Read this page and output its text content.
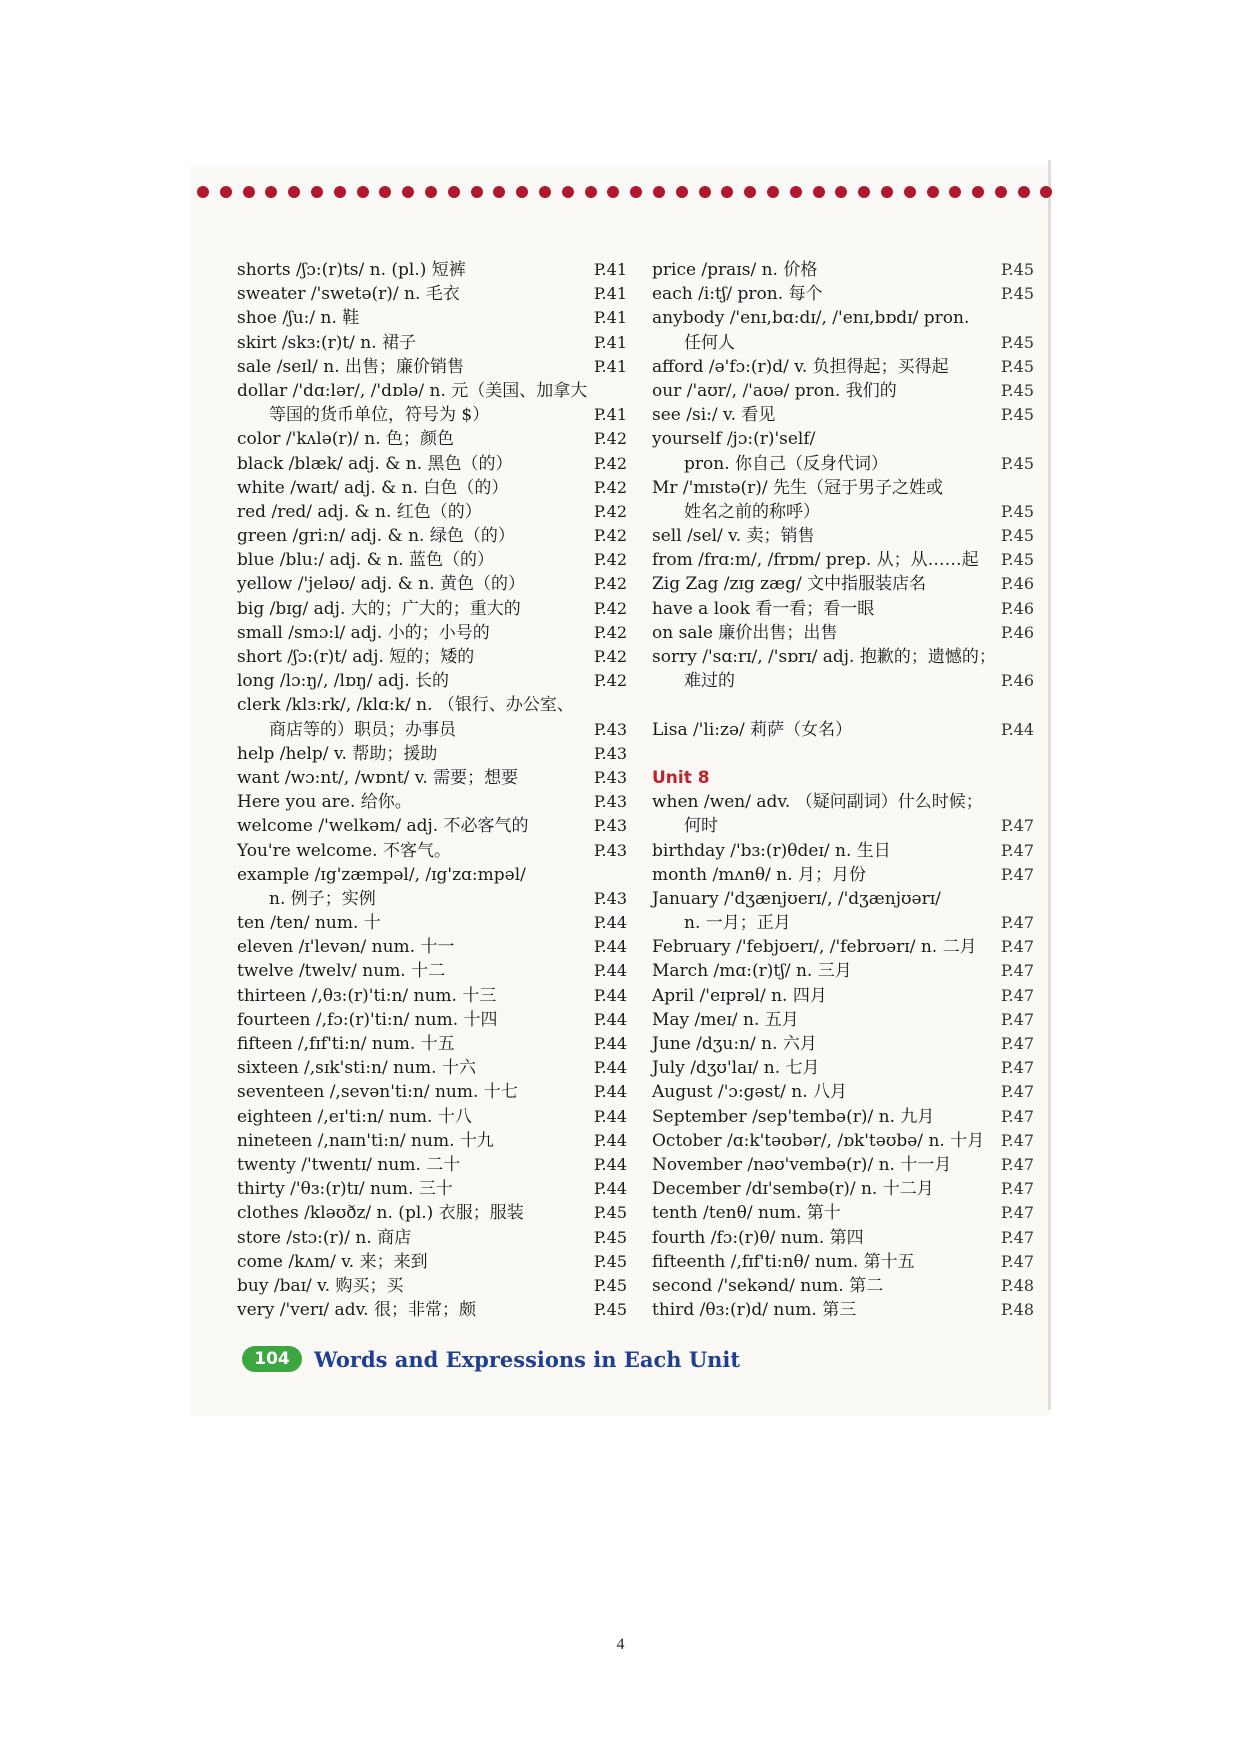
shorts /ʃɔ:(r)ts/ n. (pl.) 短裤	P.41
sweater /'swetə(r)/ n. 毛衣	P.41
shoe /ʃu:/ n. 鞋	P.41
skirt /skɜ:(r)t/ n. 裙子	P.41
sale /seɪl/ n. 出售；廉价销售	P.41
dollar /'dɑ:lər/, /'dɒlə/ n. 元（美国、加拿大
等国的货币单位，符号为 $）	P.41
color /'kʌlə(r)/ n. 色；颜色	P.42
black /blæk/ adj. & n. 黑色（的）	P.42
white /waɪt/ adj. & n. 白色（的）	P.42
red /red/ adj. & n. 红色（的）	P.42
green /gri:n/ adj. & n. 绿色（的）	P.42
blue /blu:/ adj. & n. 蓝色（的）	P.42
yellow /'jeləʊ/ adj. & n. 黄色（的）	P.42
big /bɪg/ adj. 大的；广大的；重大的	P.42
small /smɔ:l/ adj. 小的；小号的	P.42
short /ʃɔ:(r)t/ adj. 短的；矮的	P.42
long /lɔ:ŋ/, /lɒŋ/ adj. 长的	P.42
clerk /klɜ:rk/, /klɑ:k/ n. （银行、办公室、
商店等的）职员；办事员	P.43
help /help/ v. 帮助；援助	P.43
want /wɔ:nt/, /wɒnt/ v. 需要；想要	P.43
Here you are. 给你。	P.43
welcome /'welkəm/ adj. 不必客气的	P.43
You're welcome. 不客气。	P.43
example /ɪg'zæmpəl/, /ɪg'zɑ:mpəl/
n. 例子；实例	P.43
ten /ten/ num. 十	P.44
eleven /ɪ'levən/ num. 十一	P.44
twelve /twelv/ num. 十二	P.44
thirteen /,θɜ:(r)'ti:n/ num. 十三	P.44
fourteen /,fɔ:(r)'ti:n/ num. 十四	P.44
fifteen /,fɪf'ti:n/ num. 十五	P.44
sixteen /,sɪk'sti:n/ num. 十六	P.44
seventeen /,sevən'ti:n/ num. 十七	P.44
eighteen /,eɪ'ti:n/ num. 十八	P.44
nineteen /,naɪn'ti:n/ num. 十九	P.44
twenty /'twentɪ/ num. 二十	P.44
thirty /'θɜ:(r)tɪ/ num. 三十	P.44
clothes /kləʊðz/ n. (pl.) 衣服；服装	P.45
store /stɔ:(r)/ n. 商店	P.45
come /kʌm/ v. 来；来到	P.45
buy /baɪ/ v. 购买；买	P.45
very /'verɪ/ adv. 很；非常；颇	P.45
price /praɪs/ n. 价格	P.45
each /i:tʃ/ pron. 每个	P.45
anybody /'enɪ,bɑ:dɪ/, /'enɪ,bɒdɪ/ pron.
任何人	P.45
afford /ə'fɔ:(r)d/ v. 负担得起；买得起	P.45
our /'aʊr/, /'aʊə/ pron. 我们的	P.45
see /si:/ v. 看见	P.45
yourself /jɔ:(r)'self/
pron. 你自己（反身代词）	P.45
Mr /'mɪstə(r)/ 先生（冠于男子之姓或
姓名之前的称呼）	P.45
sell /sel/ v. 卖；销售	P.45
from /frɑ:m/, /frɒm/ prep. 从；从……起 P.45
Zig Zag /zɪg zæg/ 文中指服装店名	P.46
have a look 看一看；看一眼	P.46
on sale 廉价出售；出售	P.46
sorry /'sɑ:rɪ/, /'sɒrɪ/ adj. 抱歉的；遗憾的；
难过的	P.46
Lisa /'li:zə/ 莉萨（女名）	P.44
Unit 8
when /wen/ adv. （疑问副词）什么时候；
何时	P.47
birthday /'bɜ:(r)θdeɪ/ n. 生日	P.47
month /mʌnθ/ n. 月；月份	P.47
January /'dʒænjʊerɪ/, /'dʒænjʊərɪ/
n. 一月；正月	P.47
February /'febjʊerɪ/, /'febrʊərɪ/ n. 二月 P.47
March /mɑ:(r)tʃ/ n. 三月	P.47
April /'eɪprəl/ n. 四月	P.47
May /meɪ/ n. 五月	P.47
June /dʒu:n/ n. 六月	P.47
July /dʒʊ'laɪ/ n. 七月	P.47
August /'ɔ:gəst/ n. 八月	P.47
September /sep'tembə(r)/ n. 九月	P.47
October /ɑ:k'təʊbər/, /ɒk'təʊbə/ n. 十月 P.47
November /nəʊ'vembə(r)/ n. 十一月	P.47
December /dɪ'sembə(r)/ n. 十二月	P.47
tenth /tenθ/ num. 第十	P.47
fourth /fɔ:(r)θ/ num. 第四	P.47
fifteenth /,fɪf'ti:nθ/ num. 第十五	P.47
second /'sekənd/ num. 第二	P.48
third /θɜ:(r)d/ num. 第三	P.48
104	Words and Expressions in Each Unit
4
